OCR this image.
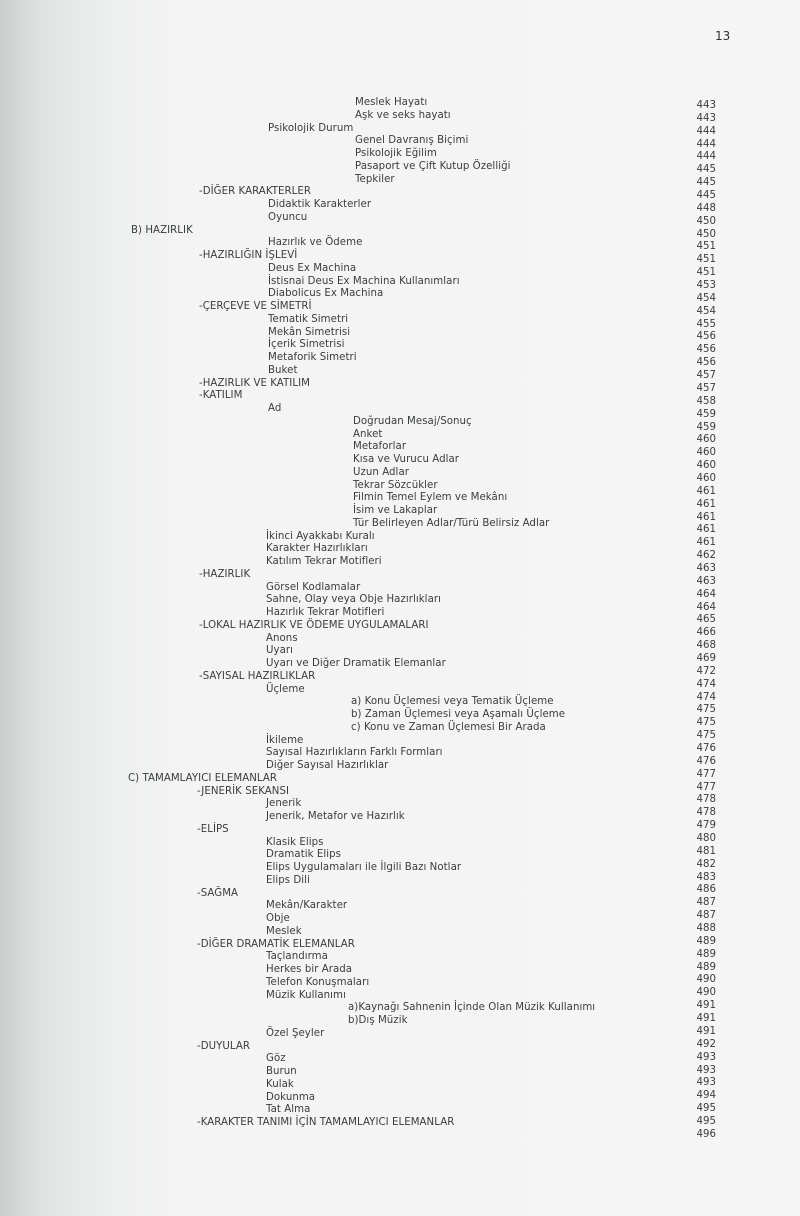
13
Meslek Hayatı
Aşk ve seks hayatı
Psikolojik Durum
Genel Davranış Biçimi
Psikolojik Eğilim
Pasaport ve Çift Kutup Özelliği
Tepkiler
-DİĞER KARAKTERLER
Didaktik Karakterler
Oyuncu
B) HAZIRLIK
Hazırlık ve Ödeme
-HAZIRLIĞIN İŞLEVİ
Deus Ex Machina
İstisnai Deus Ex Machina Kullanımları
Diabolicus Ex Machina
-ÇERÇEVE VE SİMETRİ
Tematik Simetri
Mekân Simetrisi
İçerik Simetrisi
Metaforik Simetri
Buket
-HAZIRLIK VE KATILIM
-KATILIM
Ad
Doğrudan Mesaj/Sonuç
Anket
Metaforlar
Kısa ve Vurucu Adlar
Uzun Adlar
Tekrar Sözcükler
Filmin Temel Eylem ve Mekânı
İsim ve Lakaplar
Tür Belirleyen Adlar/Türü Belirsiz Adlar
İkinci Ayakkabı Kuralı
Karakter Hazırlıkları
Katılım Tekrar Motifleri
-HAZIRLIK
Görsel Kodlamalar
Sahne, Olay veya Obje Hazırlıkları
Hazırlık Tekrar Motifleri
-LOKAL HAZIRLIK VE ÖDEME UYGULAMALARI
Anons
Uyarı
Uyarı ve Diğer Dramatik Elemanlar
-SAYISAL HAZIRLIKLAR
Üçleme
a) Konu Üçlemesi veya Tematik Üçleme
b) Zaman Üçlemesi veya Aşamalı Üçleme
c) Konu ve Zaman Üçlemesi Bir Arada
İkileme
Sayısal Hazırlıkların Farklı Formları
Diğer Sayısal Hazırlıklar
C) TAMAMLAYICI ELEMANLAR
-JENERİK SEKANSI
Jenerik
Jenerik, Metafor ve Hazırlık
-ELİPS
Klasik Elips
Dramatik Elips
Elips Uygulamaları ile İlgili Bazı Notlar
Elips Dili
-SAĞMA
Mekân/Karakter
Obje
Meslek
-DİĞER DRAMATİK ELEMANLAR
Taçlandırma
Herkes bir Arada
Telefon Konuşmaları
Müzik Kullanımı
a)Kaynağı Sahnenin İçinde Olan Müzik Kullanımı
b)Dış Müzik
Özel Şeyler
-DUYULAR
Göz
Burun
Kulak
Dokunma
Tat Alma
-KARAKTER TANIMI İÇİN TAMAMLAYICI ELEMANLAR
443
443
444
444
444
445
445
445
448
450
450
451
451
451
453
454
454
455
456
456
456
457
457
458
459
459
460
460
460
460
461
461
461
461
461
462
463
463
464
464
465
466
468
469
472
474
474
475
475
475
476
476
477
477
478
478
479
480
481
482
483
486
487
487
488
489
489
489
490
490
491
491
491
492
493
493
493
494
495
495
496
